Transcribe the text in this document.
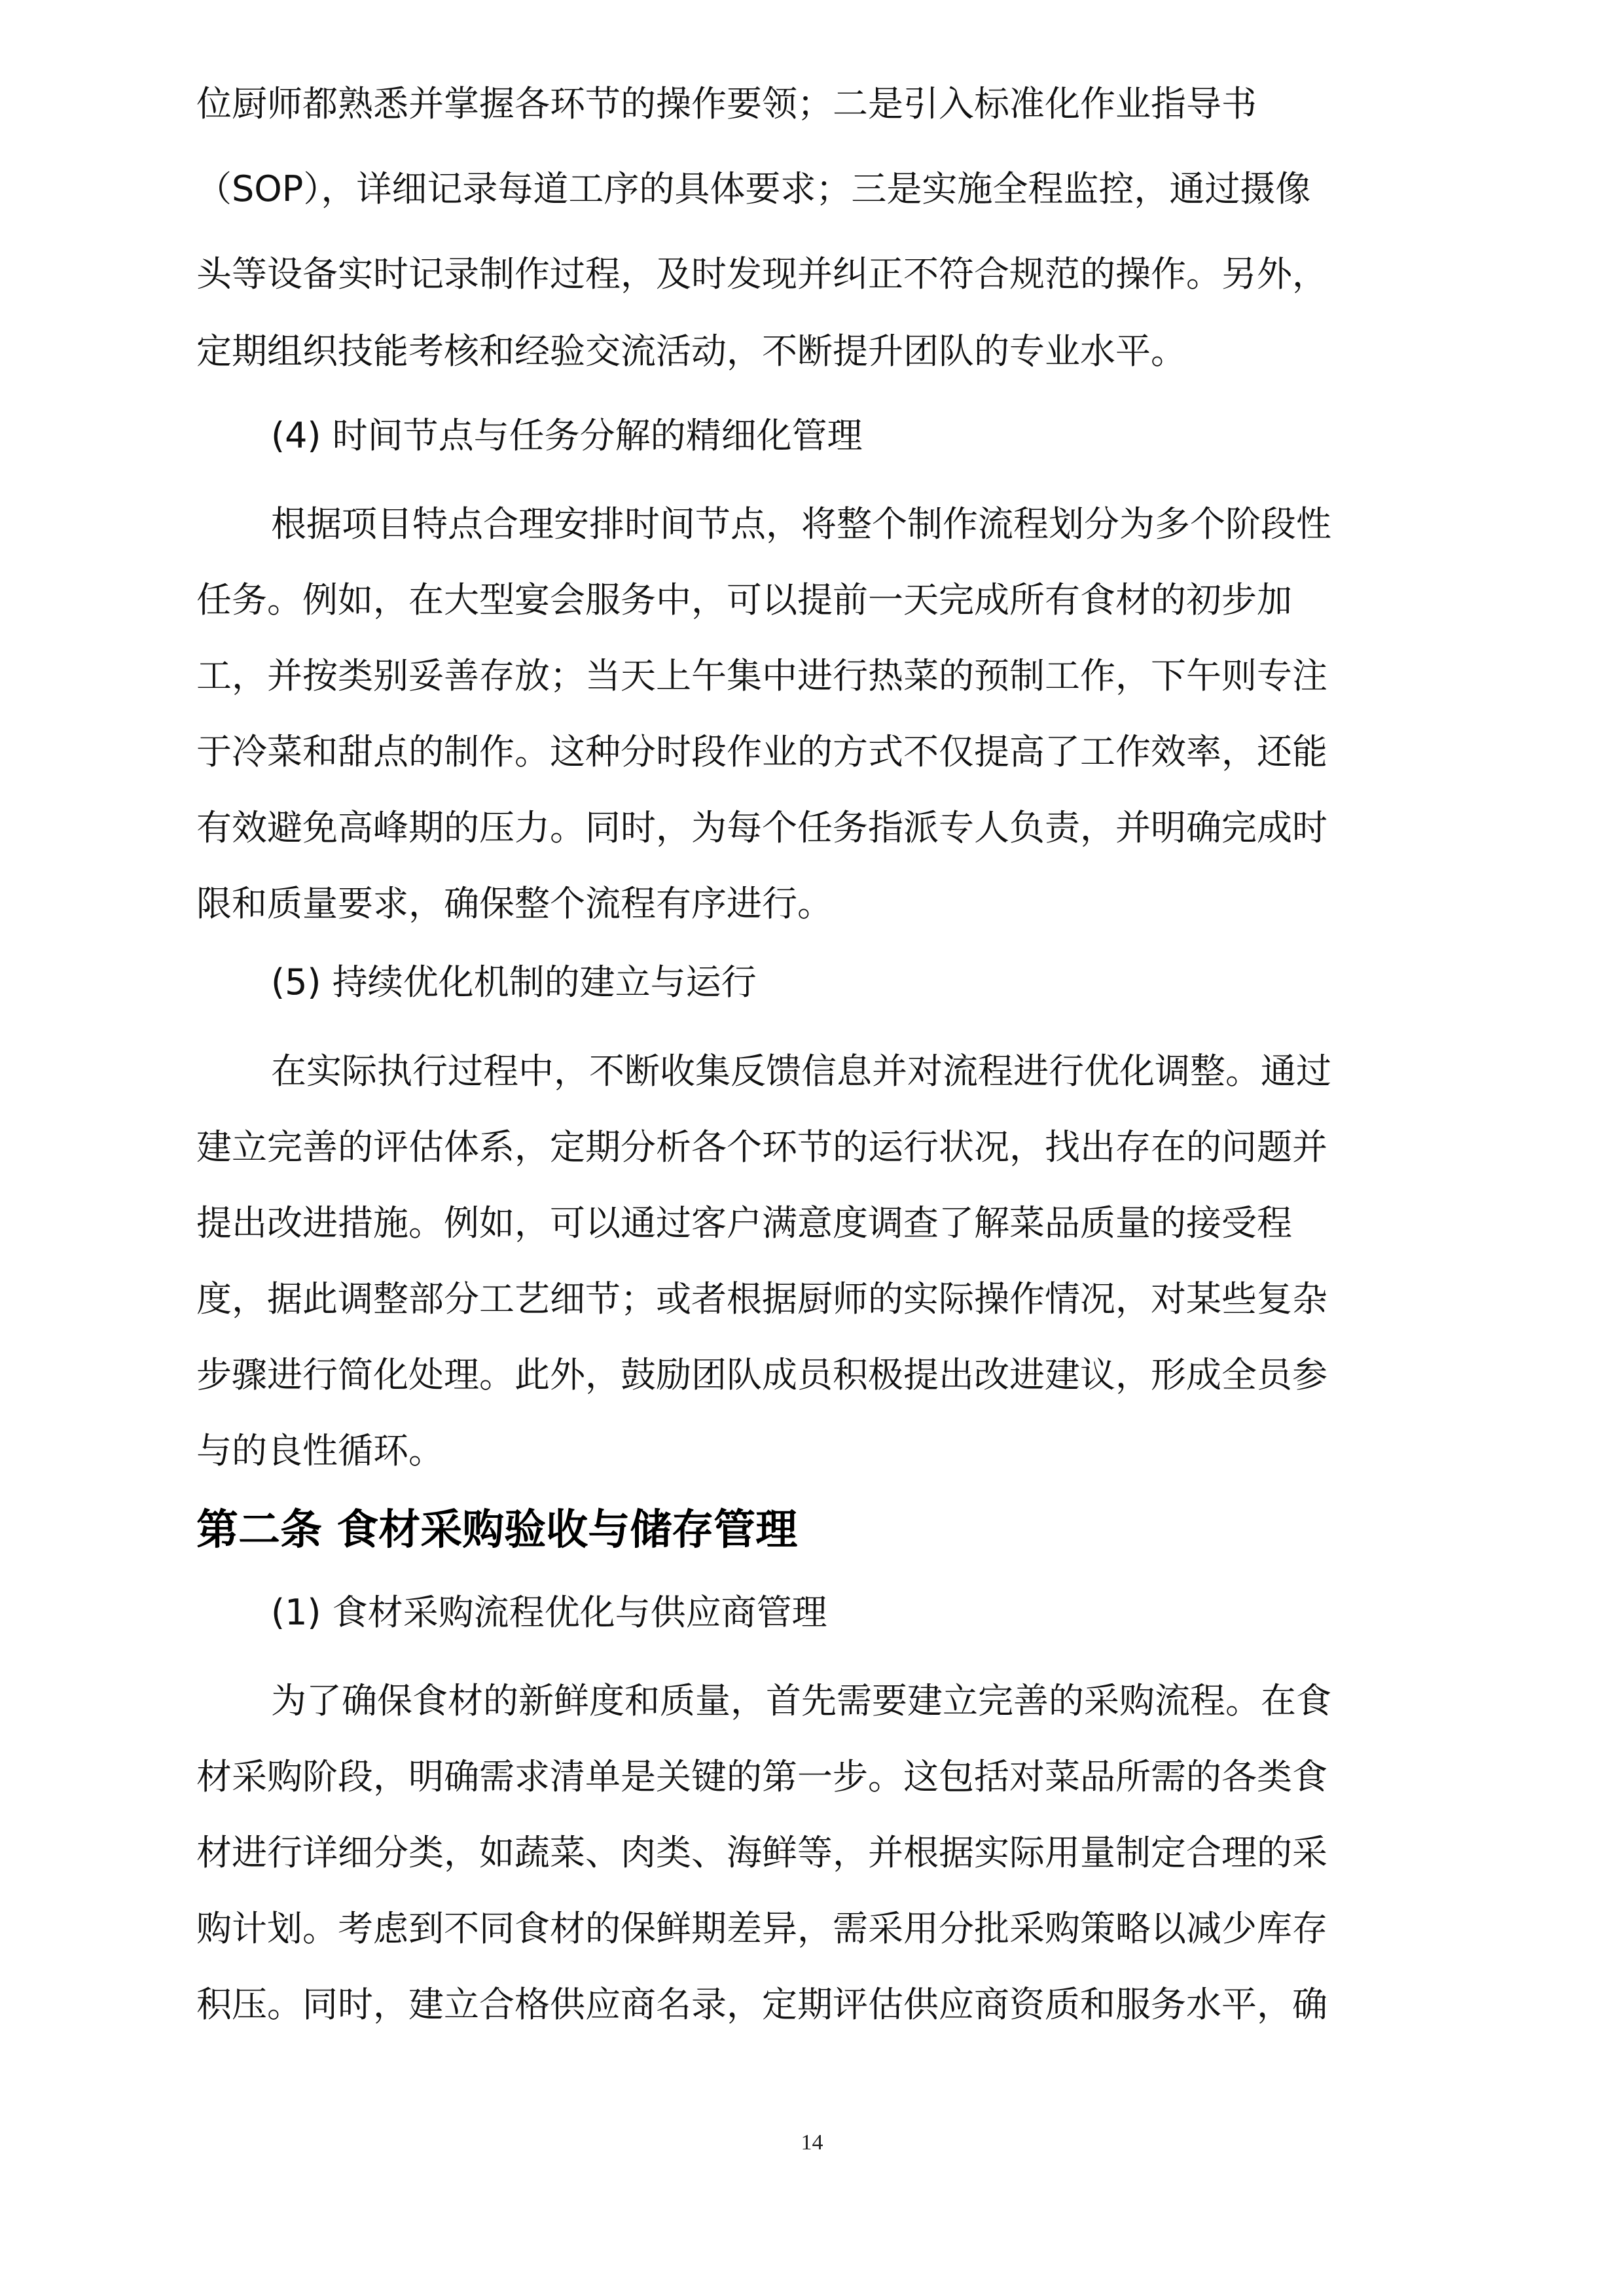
位厨师都熟悉并掌握各环节的操作要领；二是引入标准化作业指导书
（SOP），详细记录每道工序的具体要求；三是实施全程监控，通过摄像
头等设备实时记录制作过程，及时发现并纠正不符合规范的操作。另外，
定期组织技能考核和经验交流活动，不断提升团队的专业水平。
(4) 时间节点与任务分解的精细化管理
根据项目特点合理安排时间节点，将整个制作流程划分为多个阶段性
任务。例如，在大型宴会服务中，可以提前一天完成所有食材的初步加
工，并按类别妥善存放；当天上午集中进行热菜的预制工作，下午则专注
于冷菜和甜点的制作。这种分时段作业的方式不仅提高了工作效率，还能
有效避免高峰期的压力。同时，为每个任务指派专人负责，并明确完成时
限和质量要求，确保整个流程有序进行。
(5) 持续优化机制的建立与运行
在实际执行过程中，不断收集反馈信息并对流程进行优化调整。通过
建立完善的评估体系，定期分析各个环节的运行状况，找出存在的问题并
提出改进措施。例如，可以通过客户满意度调查了解菜品质量的接受程
度，据此调整部分工艺细节；或者根据厨师的实际操作情况，对某些复杂
步骤进行简化处理。此外，鼓励团队成员积极提出改进建议，形成全员参
与的良性循环。
第二条 食材采购验收与储存管理
(1) 食材采购流程优化与供应商管理
为了确保食材的新鲜度和质量，首先需要建立完善的采购流程。在食
材采购阶段，明确需求清单是关键的第一步。这包括对菜品所需的各类食
材进行详细分类，如蔬菜、肉类、海鲜等，并根据实际用量制定合理的采
购计划。考虑到不同食材的保鲜期差异，需采用分批采购策略以减少库存
积压。同时，建立合格供应商名录，定期评估供应商资质和服务水平，确
14
